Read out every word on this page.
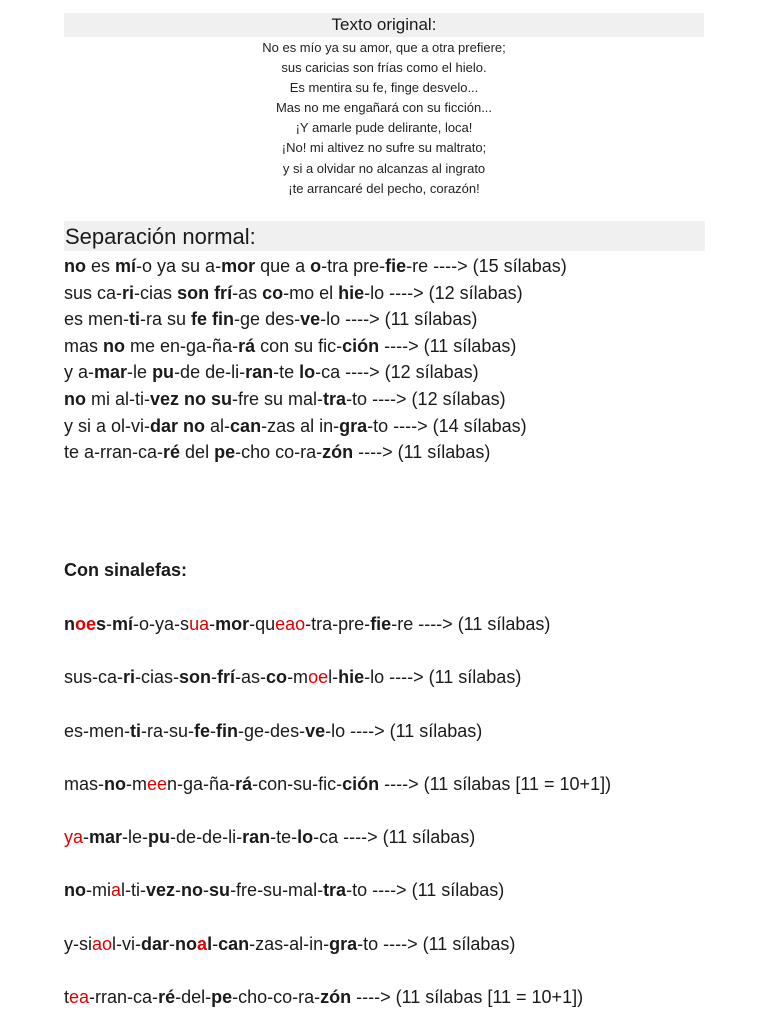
Texto original:
No es mío ya su amor, que a otra prefiere;
sus caricias son frías como el hielo.
Es mentira su fe, finge desvelo...
Mas no me engañará con su ficción...
¡Y amarle pude delirante, loca!
¡No! mi altivez no sufre su maltrato;
y si a olvidar no alcanzas al ingrato
¡te arrancaré del pecho, corazón!
Separación normal:
no es mí-o ya su a-mor que a o-tra pre-fie-re ----> (15 sílabas)
sus ca-ri-cias son frí-as co-mo el hie-lo ----> (12 sílabas)
es men-ti-ra su fe fin-ge des-ve-lo ----> (11 sílabas)
mas no me en-ga-ña-rá con su fic-ción ----> (11 sílabas)
y a-mar-le pu-de de-li-ran-te lo-ca ----> (12 sílabas)
no mi al-ti-vez no su-fre su mal-tra-to ----> (12 sílabas)
y si a ol-vi-dar no al-can-zas al in-gra-to ----> (14 sílabas)
te a-rran-ca-ré del pe-cho co-ra-zón ----> (11 sílabas)
Con sinalefas:
noes-mí-o-ya-sua-mor-queao-tra-pre-fie-re ----> (11 sílabas)
sus-ca-ri-cias-son-frí-as-co-moel-hie-lo ----> (11 sílabas)
es-men-ti-ra-su-fe-fin-ge-des-ve-lo ----> (11 sílabas)
mas-no-meen-ga-ña-rá-con-su-fic-ción ----> (11 sílabas [11 = 10+1])
ya-mar-le-pu-de-de-li-ran-te-lo-ca ----> (11 sílabas)
no-mial-ti-vez-no-su-fre-su-mal-tra-to ----> (11 sílabas)
y-siaol-vi-dar-noal-can-zas-al-in-gra-to ----> (11 sílabas)
tea-rran-ca-ré-del-pe-cho-co-ra-zón ----> (11 sílabas [11 = 10+1])
